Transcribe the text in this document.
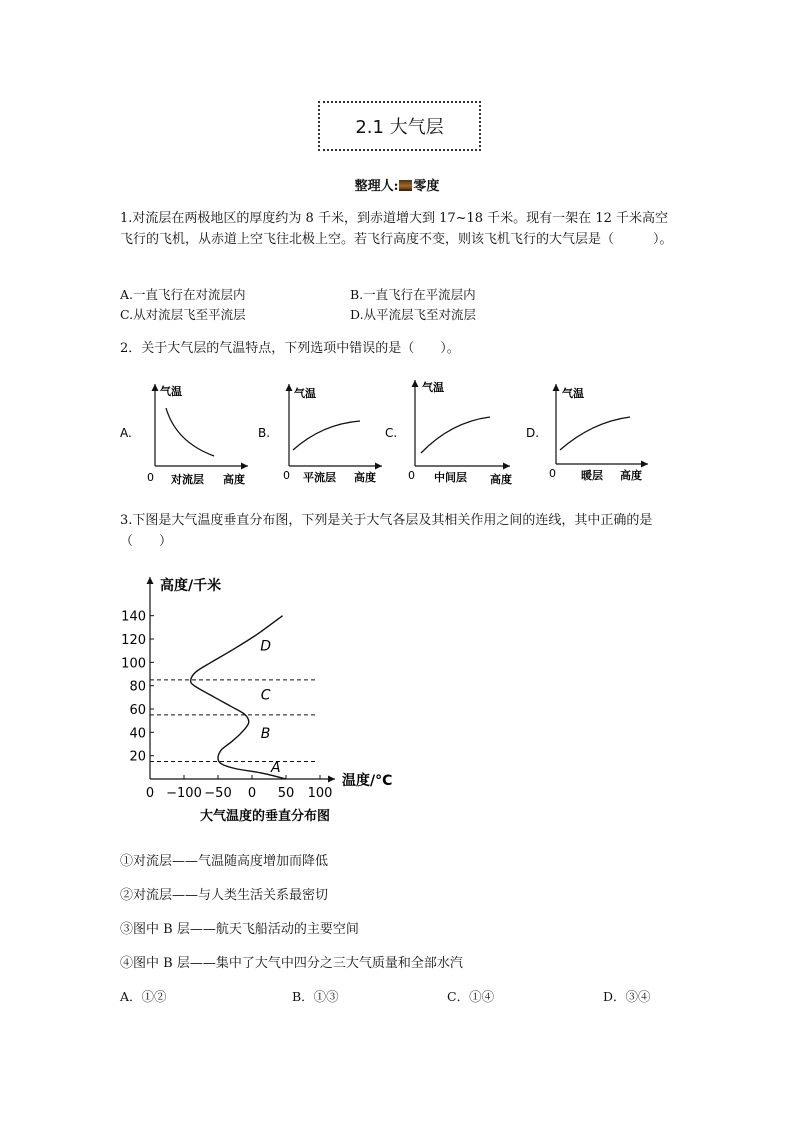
2.1 大气层
整理人: 零度
1.对流层在两极地区的厚度约为 8 千米，到赤道增大到 17~18 千米。现有一架在 12 千米高空飞行的飞机，从赤道上空飞往北极上空。若飞行高度不变，则该飞机飞行的大气层是（　　　）。
A.一直飞行在对流层内	B.一直飞行在平流层内
C.从对流层飞至平流层	D.从平流层飞至对流层
2．关于大气层的气温特点，下列选项中错误的是（　　）。
A.
气温
0 对流层 高度
B.
气温
0 平流层 高度
C.
气温
0 中间层 高度
D.
气温
0 暖层 高度
3.下图是大气温度垂直分布图，下列是关于大气各层及其相关作用之间的连线，其中正确的是（　　）
高度/千米
温度/°C
大气温度的垂直分布图
140
120
100
80
60
40
20
0 −100 −50 0 50 100
A
B
C
D
①对流层——气温随高度增加而降低
②对流层——与人类生活关系最密切
③图中 B 层——航天飞船活动的主要空间
④图中 B 层——集中了大气中四分之三大气质量和全部水汽
A．①②	B．①③	C．①④	D．③④
